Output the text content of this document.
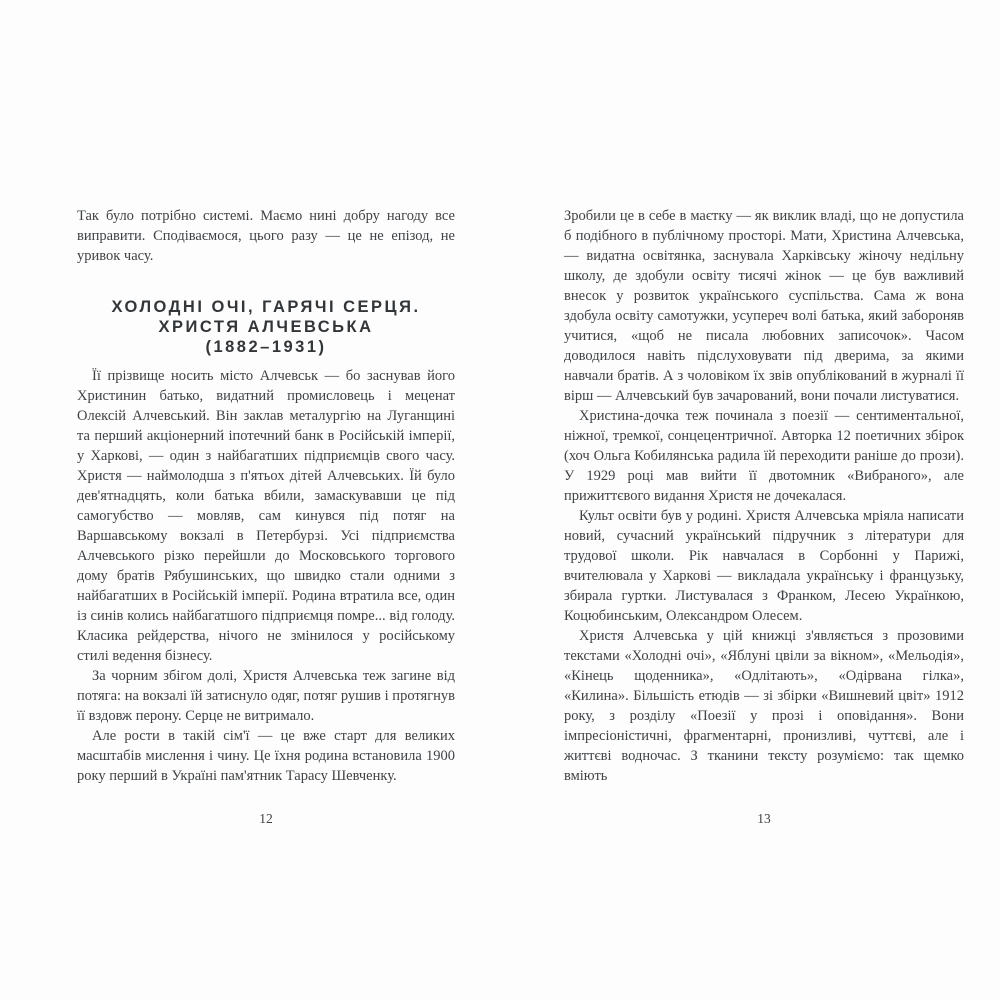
Так було потрібно системі. Маємо нині добру нагоду все виправити. Сподіваємося, цього разу — це не епізод, не уривок часу.

ХОЛОДНІ ОЧІ, ГАРЯЧІ СЕРЦЯ.
ХРИСТЯ АЛЧЕВСЬКА
(1882–1931)

Її прізвище носить місто Алчевськ — бо заснував його Христинин батько, видатний промисловець і меценат Олексій Алчевський. Він заклав металургію на Луганщині та перший акціонерний іпотечний банк в Російській імперії, у Харкові, — один з найбагатших підприємців свого часу. Христя — наймолодша з п'ятьох дітей Алчевських. Їй було дев'ятнадцять, коли батька вбили, замаскувавши це під самогубство — мовляв, сам кинувся під потяг на Варшавському вокзалі в Петербурзі. Усі підприємства Алчевського різко перейшли до Московського торгового дому братів Рябушинських, що швидко стали одними з найбагатших в Російській імперії. Родина втратила все, один із синів колись найбагатшого підприємця помре... від голоду. Класика рейдерства, нічого не змінилося у російському стилі ведення бізнесу.

За чорним збігом долі, Христя Алчевська теж загине від потяга: на вокзалі їй затиснуло одяг, потяг рушив і протягнув її вздовж перону. Серце не витримало.

Але рости в такій сім'ї — це вже старт для великих масштабів мислення і чину. Це їхня родина встановила 1900 року перший в Україні пам'ятник Тарасу Шевченку.

Зробили це в себе в маєтку — як виклик владі, що не допустила б подібного в публічному просторі. Мати, Христина Алчевська, — видатна освітянка, заснувала Харківську жіночу недільну школу, де здобули освіту тисячі жінок — це був важливий внесок у розвиток українського суспільства. Сама ж вона здобула освіту самотужки, усупереч волі батька, який забороняв учитися, «щоб не писала любовних записочок». Часом доводилося навіть підслуховувати під дверима, за якими навчали братів. А з чоловіком їх звів опублікований в журналі її вірш — Алчевський був зачарований, вони почали листуватися.

Христина-дочка теж починала з поезії — сентиментальної, ніжної, тремкої, сонцецентричної. Авторка 12 поетичних збірок (хоч Ольга Кобилянська радила їй переходити раніше до прози). У 1929 році мав вийти її двотомник «Вибраного», але прижиттєвого видання Христя не дочекалася.

Культ освіти був у родині. Христя Алчевська мріяла написати новий, сучасний український підручник з літератури для трудової школи. Рік навчалася в Сорбонні у Парижі, вчителювала у Харкові — викладала українську і французьку, збирала гуртки. Листувалася з Франком, Лесею Українкою, Коцюбинським, Олександром Олесем.

Христя Алчевська у цій книжці з'являється з прозовими текстами «Холодні очі», «Яблуні цвіли за вікном», «Мельодія», «Кінець щоденника», «Одлітають», «Одірвана гілка», «Килина». Більшість етюдів — зі збірки «Вишневий цвіт» 1912 року, з розділу «Поезії у прозі і оповідання». Вони імпресіоністичні, фрагментарні, пронизливі, чуттєві, але і життєві водночас. З тканини тексту розуміємо: так щемко вміють

12	13
